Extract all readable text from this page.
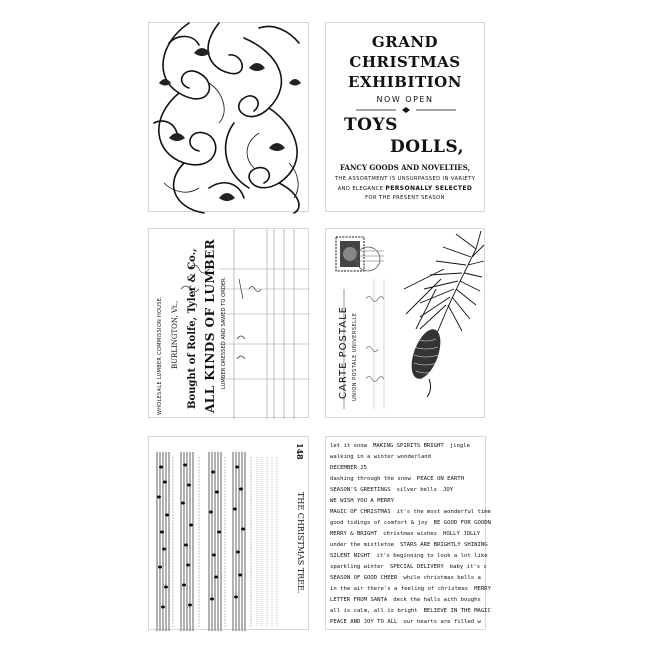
GRAND
CHRISTMAS
EXHIBITION
NOW OPEN
TOYS
DOLLS,
FANCY GOODS AND NOVELTIES,
THE ASSORTMENT IS UNSURPASSED IN VARIETY
AND ELEGANCE PERSONALLY SELECTED
FOR THE PRESENT SEASON
WHOLESALE LUMBER COMMISSION HOUSE. BURLINGTON, Vt., Bought of Rolfe, Tyler & Co., ALL KINDS OF LUMBER LUMBER DRESSED AND SAWED TO ORDER.	CARTE POSTALE UNION POSTALE UNIVERSELLE
148
THE CHRISTMAS TREE.
let it snow MAKING SPIRITS BRIGHT jingle
walking in a winter wonderland
DECEMBER 25
dashing through the snow PEACE ON EARTH
SEASON'S GREETINGS silver bells JOY
WE WISH YOU A MERRY
MAGIC OF CHRISTMAS it's the most wonderful time
good tidings of comfort & joy BE GOOD FOR GOODN
MERRY & BRIGHT christmas wishes HOLLY JOLLY
under the mistletoe STARS ARE BRIGHTLY SHINING
SILENT NIGHT it's beginning to look a lot like
sparkling winter SPECIAL DELIVERY baby it's c
SEASON OF GOOD CHEER while christmas bells a
in the air there's a feeling of christmas MERRY
LETTER FROM SANTA deck the halls with boughs
all is calm, all is bright BELIEVE IN THE MAGIC
PEACE AND JOY TO ALL our hearts are filled w
